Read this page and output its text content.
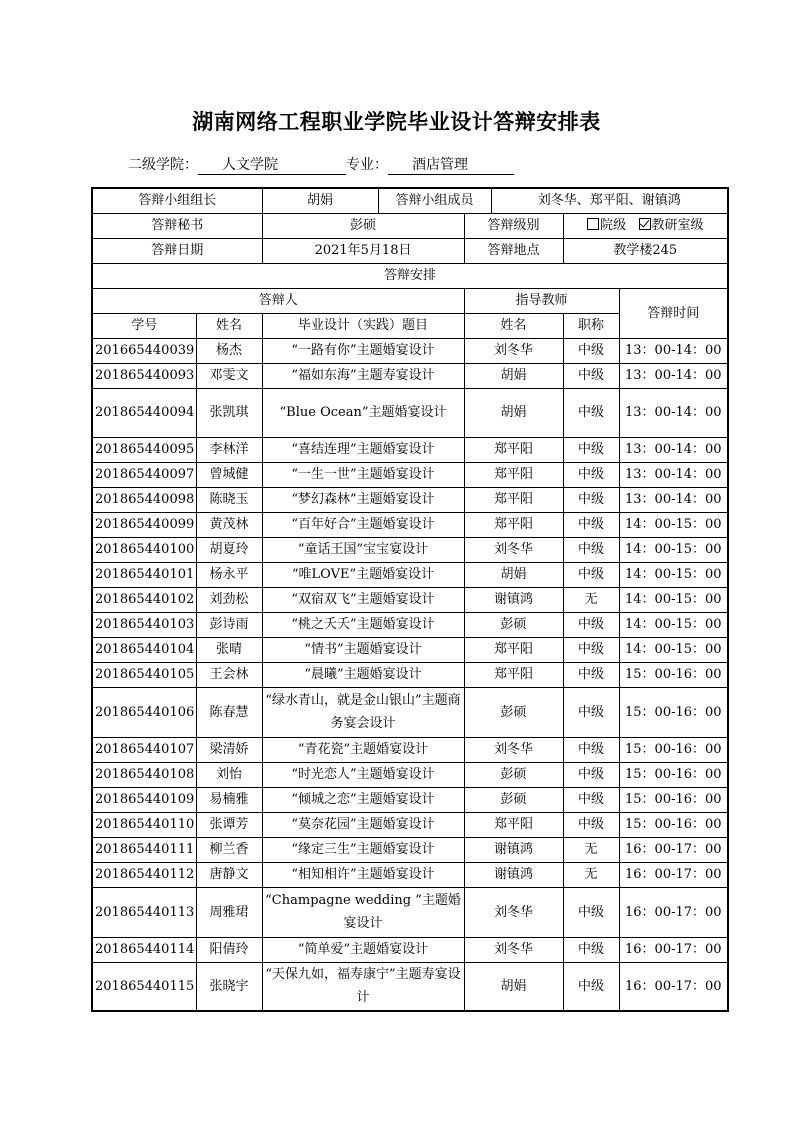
湖南网络工程职业学院毕业设计答辩安排表
二级学院： 人文学院	专业： 酒店管理
答辩小组组长		胡娟	答辩小组成员		刘冬华、郑平阳、谢镇鸿		
答辩秘书		彭硕		答辩级别		院级 教研室级	
答辩日期		2021年5月18日		答辩地点		教学楼245	
答辩安排							
答辩人				指导教师			答辩时间
学号	姓名	毕业设计（实践）题目		姓名		职称	
201665440039	杨杰	“一路有你”主题婚宴设计		刘冬华		中级	13：00-14：00
201865440093	邓雯文	“福如东海”主题寿宴设计		胡娟		中级	13：00-14：00
201865440094	张凯琪	“Blue Ocean”主题婚宴设计		胡娟		中级	13：00-14：00
201865440095	李林洋	“喜结连理”主题婚宴设计		郑平阳		中级	13：00-14：00
201865440097	曾城健	“一生一世”主题婚宴设计		郑平阳		中级	13：00-14：00
201865440098	陈晓玉	“梦幻森林”主题婚宴设计		郑平阳		中级	13：00-14：00
201865440099	黄茂林	“百年好合”主题婚宴设计		郑平阳		中级	14：00-15：00
201865440100	胡夏玲	“童话王国”宝宝宴设计		刘冬华		中级	14：00-15：00
201865440101	杨永平	“唯LOVE”主题婚宴设计		胡娟		中级	14：00-15：00
201865440102	刘劲松	“双宿双飞”主题婚宴设计		谢镇鸿		无	14：00-15：00
201865440103	彭诗雨	“桃之夭夭”主题婚宴设计		彭硕		中级	14：00-15：00
201865440104	张晴	“情书”主题婚宴设计		郑平阳		中级	14：00-15：00
201865440105	王会林	“晨曦”主题婚宴设计		郑平阳		中级	15：00-16：00
201865440106	陈春慧	“绿水青山，就是金山银山”主题商务宴会设计		彭硕		中级	15：00-16：00
201865440107	梁清娇	“青花瓷”主题婚宴设计		刘冬华		中级	15：00-16：00
201865440108	刘怡	“时光恋人”主题婚宴设计		彭硕		中级	15：00-16：00
201865440109	易楠雅	“倾城之恋”主题婚宴设计		彭硕		中级	15：00-16：00
201865440110	张谭芳	“莫奈花园”主题婚宴设计		郑平阳		中级	15：00-16：00
201865440111	柳兰香	“缘定三生”主题婚宴设计		谢镇鸿		无	16：00-17：00
201865440112	唐静文	“相知相许”主题婚宴设计		谢镇鸿		无	16：00-17：00
201865440113	周雅珺	“Champagne wedding ”主题婚宴设计		刘冬华		中级	16：00-17：00
201865440114	阳倩玲	“简单爱”主题婚宴设计		刘冬华		中级	16：00-17：00
201865440115	张晓宇	“天保九如，福寿康宁”主题寿宴设计		胡娟		中级	16：00-17：00
